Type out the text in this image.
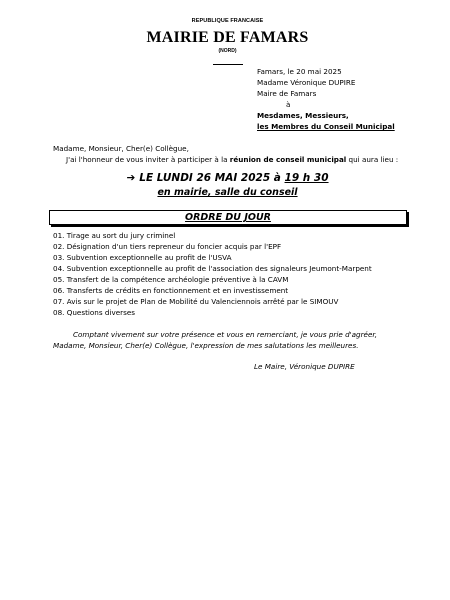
REPUBLIQUE FRANCAISE
MAIRIE DE FAMARS
(NORD)
Famars, le 20 mai 2025
Madame Véronique DUPIRE
Maire de Famars
à
Mesdames, Messieurs,
les Membres du Conseil Municipal
Madame, Monsieur, Cher(e) Collègue,
J'ai l'honneur de vous inviter à participer à la réunion de conseil municipal qui aura lieu :
➔ LE LUNDI 26 MAI 2025 à 19 h 30
en mairie, salle du conseil
ORDRE DU JOUR
01. Tirage au sort du jury criminel
02. Désignation d'un tiers repreneur du foncier acquis par l'EPF
03. Subvention exceptionnelle au profit de l'USVA
04. Subvention exceptionnelle au profit de l'association des signaleurs Jeumont-Marpent
05. Transfert de la compétence archéologie préventive à la CAVM
06. Transferts de crédits en fonctionnement et en investissement
07. Avis sur le projet de Plan de Mobilité du Valenciennois arrêté par le SIMOUV
08. Questions diverses
Comptant vivement sur votre présence et vous en remerciant, je vous prie d'agréer,
Madame, Monsieur, Cher(e) Collègue, l'expression de mes salutations les meilleures.
Le Maire, Véronique DUPIRE
